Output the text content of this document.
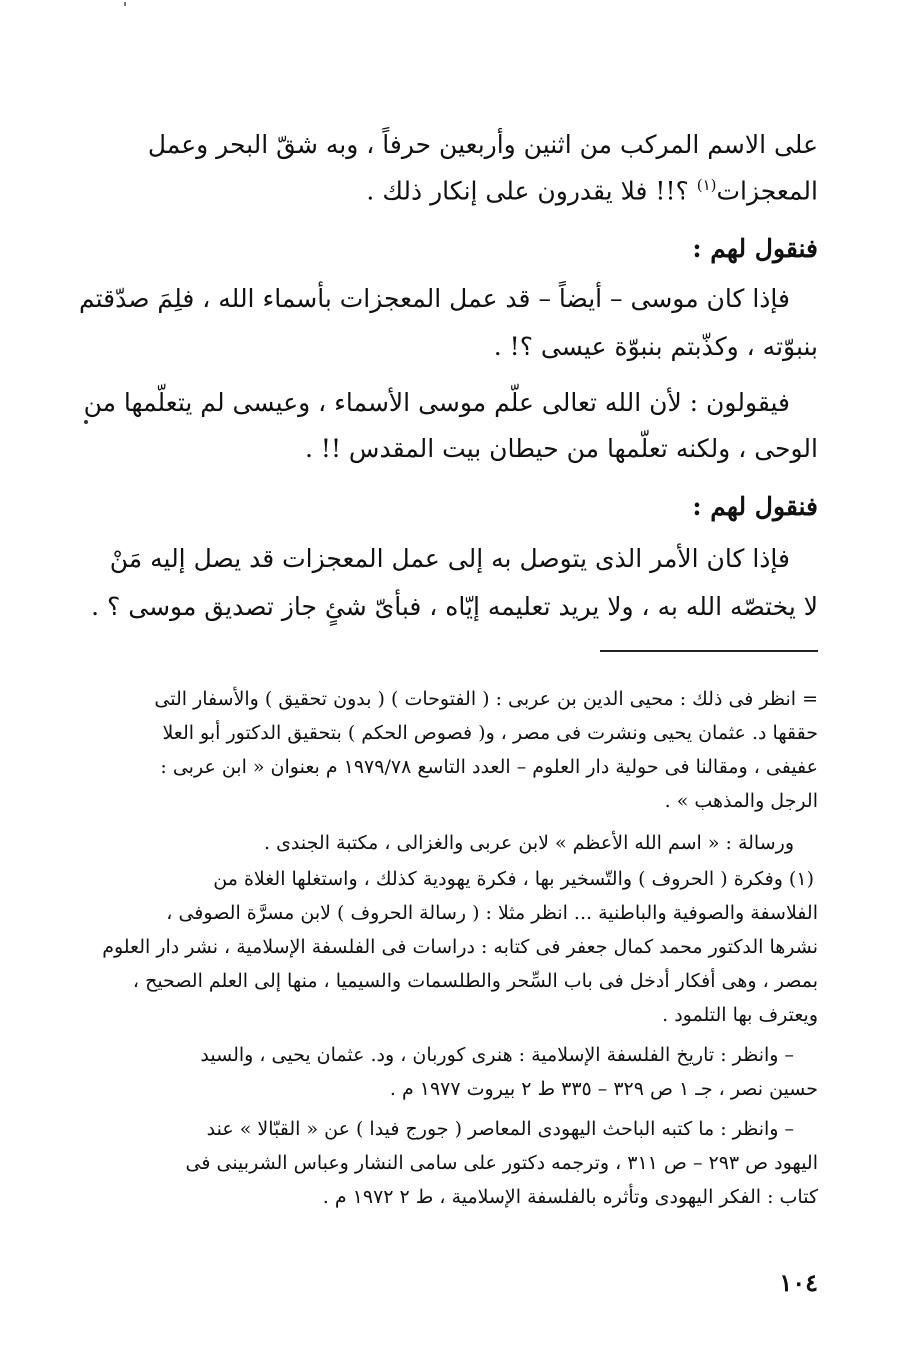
على الاسم المركب من اثنين وأربعين حرفاً ، وبه شقّ البحر وعمل
المعجزات$^{(١)}$ ؟!! فلا يقدرون على إنكار ذلك .
فنقول لهم :
فإذا كان موسى – أيضاً – قد عمل المعجزات بأسماء الله ، فلِمَ صدّقتم
بنبوّته ، وكذّبتم بنبوّة عيسى ؟! .
فيقولون : لأن الله تعالى علّم موسى الأسماء ، وعيسى لم يتعلّمها من
الوحى ، ولكنه تعلّمها من حيطان بيت المقدس !! .
فنقول لهم :
فإذا كان الأمر الذى يتوصل به إلى عمل المعجزات قد يصل إليه مَنْ
لا يختصّه الله به ، ولا يريد تعليمه إيّاه ، فبأىّ شئٍ جاز تصديق موسى ؟ .
= انظر فى ذلك : محيى الدين بن عربى : ( الفتوحات ) ( بدون تحقيق ) والأسفار التى
حققها د. عثمان يحيى ونشرت فى مصر ، و( فصوص الحكم ) بتحقيق الدكتور أبو العلا
عفيفى ، ومقالنا فى حولية دار العلوم – العدد التاسع ١٩٧٩/٧٨ م بعنوان « ابن عربى :
الرجل والمذهب » .
ورسالة : « اسم الله الأعظم » لابن عربى والغزالى ، مكتبة الجندى .
(١) وفكرة ( الحروف ) والتّسخير بها ، فكرة يهودية كذلك ، واستغلها الغلاة من
الفلاسفة والصوفية والباطنية ... انظر مثلا : ( رسالة الحروف ) لابن مسرَّة الصوفى ،
نشرها الدكتور محمد كمال جعفر فى كتابه : دراسات فى الفلسفة الإسلامية ، نشر دار العلوم
بمصر ، وهى أفكار أدخل فى باب السِّحر والطلسمات والسيميا ، منها إلى العلم الصحيح ،
ويعترف بها التلمود .
– وانظر : تاريخ الفلسفة الإسلامية : هنرى كوربان ، ود. عثمان يحيى ، والسيد
حسين نصر ، جـ ١ ص ٣٢٩ – ٣٣٥ ط ٢ بيروت ١٩٧٧ م .
– وانظر : ما كتبه الباحث اليهودى المعاصر ( جورج فيدا ) عن « القبّالا » عند
اليهود ص ٢٩٣ – ص ٣١١ ، وترجمه دكتور على سامى النشار وعباس الشربينى فى
كتاب : الفكر اليهودى وتأثره بالفلسفة الإسلامية ، ط ٢ ١٩٧٢ م .
١٠٤
